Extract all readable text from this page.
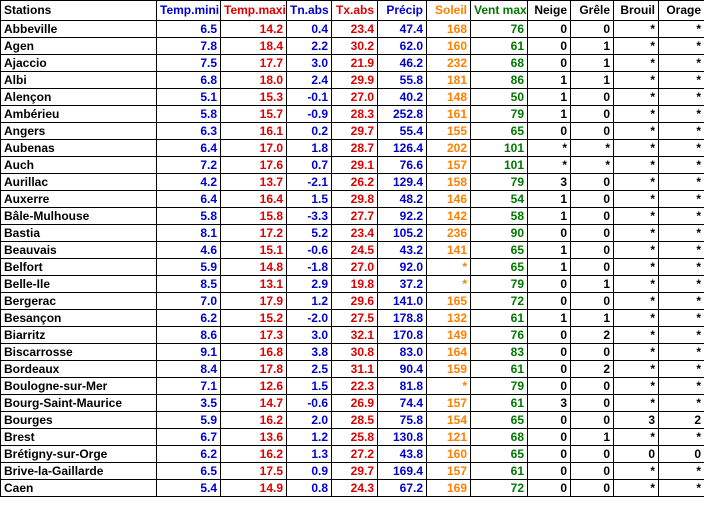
Stations	Temp.mini	Temp.maxi	Tn.abs	Tx.abs	Précip	Soleil	Vent max	Neige	Grêle	Brouil	Orage
Abbeville	6.5	14.2	0.4	23.4	47.4	168	76	0	0	*	*
Agen	7.8	18.4	2.2	30.2	62.0	160	61	0	1	*	*
Ajaccio	7.5	17.7	3.0	21.9	46.2	232	68	0	1	*	*
Albi	6.8	18.0	2.4	29.9	55.8	181	86	1	1	*	*
Alençon	5.1	15.3	-0.1	27.0	40.2	148	50	1	0	*	*
Ambérieu	5.8	15.7	-0.9	28.3	252.8	161	79	1	0	*	*
Angers	6.3	16.1	0.2	29.7	55.4	155	65	0	0	*	*
Aubenas	6.4	17.0	1.8	28.7	126.4	202	101	*	*	*	*
Auch	7.2	17.6	0.7	29.1	76.6	157	101	*	*	*	*
Aurillac	4.2	13.7	-2.1	26.2	129.4	158	79	3	0	*	*
Auxerre	6.4	16.4	1.5	29.8	48.2	146	54	1	0	*	*
Bâle-Mulhouse	5.8	15.8	-3.3	27.7	92.2	142	58	1	0	*	*
Bastia	8.1	17.2	5.2	23.4	105.2	236	90	0	0	*	*
Beauvais	4.6	15.1	-0.6	24.5	43.2	141	65	1	0	*	*
Belfort	5.9	14.8	-1.8	27.0	92.0	*	65	1	0	*	*
Belle-Ile	8.5	13.1	2.9	19.8	37.2	*	79	0	1	*	*
Bergerac	7.0	17.9	1.2	29.6	141.0	165	72	0	0	*	*
Besançon	6.2	15.2	-2.0	27.5	178.8	132	61	1	1	*	*
Biarritz	8.6	17.3	3.0	32.1	170.8	149	76	0	2	*	*
Biscarrosse	9.1	16.8	3.8	30.8	83.0	164	83	0	0	*	*
Bordeaux	8.4	17.8	2.5	31.1	90.4	159	61	0	2	*	*
Boulogne-sur-Mer	7.1	12.6	1.5	22.3	81.8	*	79	0	0	*	*
Bourg-Saint-Maurice	3.5	14.7	-0.6	26.9	74.4	157	61	3	0	*	*
Bourges	5.9	16.2	2.0	28.5	75.8	154	65	0	0	3	2
Brest	6.7	13.6	1.2	25.8	130.8	121	68	0	1	*	*
Brétigny-sur-Orge	6.2	16.2	1.3	27.2	43.8	160	65	0	0	0	0
Brive-la-Gaillarde	6.5	17.5	0.9	29.7	169.4	157	61	0	0	*	*
Caen	5.4	14.9	0.8	24.3	67.2	169	72	0	0	*	*
